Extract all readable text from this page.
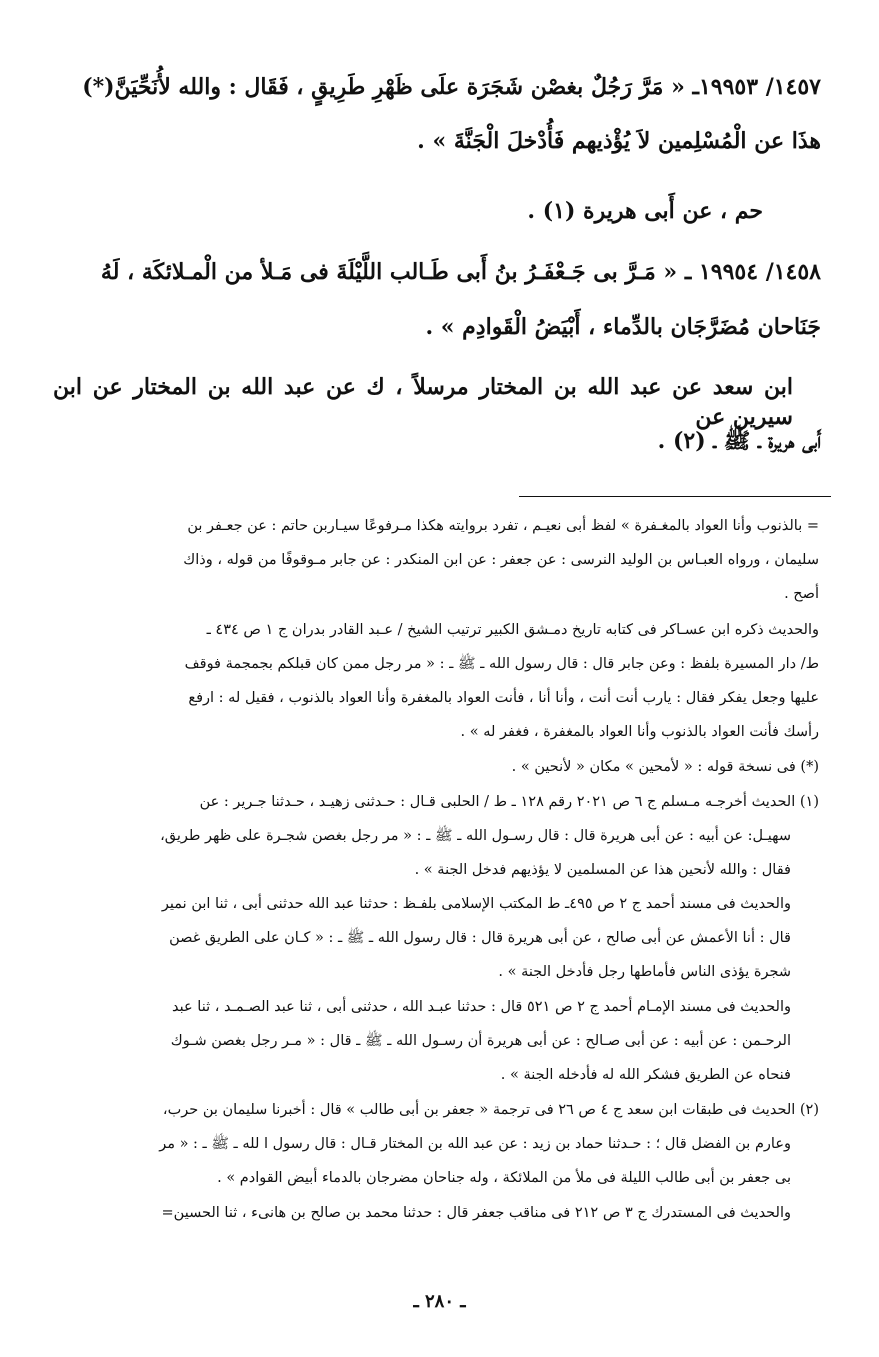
١٤٥٧/ ١٩٩٥٣ـ « مَرَّ رَجُلٌ بغصْن شَجَرَة علَى ظَهْرِ طَرِيقٍ ، فَقَال : والله لأُنَحِّيَنَّ(*)
هذَا عن الْمُسْلِمين لاَ يُؤْذيهم فَأُدْخلَ الْجَنَّةَ » .
حم ، عن أَبى هريرة (١) .
١٤٥٨/ ١٩٩٥٤ ـ « مَـرَّ بى جَـعْفَـرُ بنُ أَبى طَـالب اللَّيْلَةَ فى مَـلأ من الْمـلائكَة ، لَهُ
جَنَاحان مُضَرَّجَان بالدِّماء ، أَبْيَضُ الْقَوادِم » .
ابن سعد عن عبد الله بن المختار مرسلاً ، ك عن عبد الله بن المختار عن ابن سيرين عن
أَبى هريرة ـ ﷺ ـ (٢) .
= بالذنوب وأنا العواد بالمغـفرة » لفظ أبى نعيـم ، تفرد بروايته هكذا مـرفوعًا سيـاربن حاتم : عن جعـفر بن
سليمان ، ورواه العبـاس بن الوليد النرسى : عن جعفر : عن ابن المنكدر : عن جابر مـوقوفًا من قوله ، وذاك
أصح .
والحديث ذكره ابن عسـاكر فى كتابه تاريخ دمـشق الكبير ترتيب الشيخ / عـبد القادر بدران ج ١ ص ٤٣٤ ـ
ط/ دار المسيرة بلفظ : وعن جابر قال : قال رسول الله ـ ﷺ ـ : « مر رجل ممن كان قبلكم بجمجمة فوقف
عليها وجعل يفكر فقال : يارب أنت أنت ، وأنا أنا ، فأنت العواد بالمغفرة وأنا العواد بالذنوب ، فقيل له : ارفع
رأسك فأنت العواد بالذنوب وأنا العواد بالمغفرة ، فغفر له » .
(*) فى نسخة قوله : « لأمحين » مكان « لأنحين » .
(١) الحديث أخرجـه مـسلم ج ٦ ص ٢٠٢١ رقم ١٢٨ ـ ط / الحلبى قـال : حـدثنى زهيـد ، حـدثنا جـرير : عن
سهيـل: عن أبيه : عن أبى هريرة قال : قال رسـول الله ـ ﷺ ـ : « مر رجل بغصن شجـرة على ظهر طريق،
فقال : والله لأنحين هذا عن المسلمين لا يؤذيهم فدخل الجنة » .
والحديث فى مسند أحمد ج ٢ ص ٤٩٥ـ ط المكتب الإسلامى بلفـظ : حدثنا عبد الله حدثنى أبى ، ثنا ابن نمير
قال : أنا الأعمش عن أبى صالح ، عن أبى هريرة قال : قال رسول الله ـ ﷺ ـ : « كـان على الطريق غصن
شجرة يؤذى الناس فأماطها رجل فأدخل الجنة » .
والحديث فى مسند الإمـام أحمد ج ٢ ص ٥٢١ قال : حدثنا عبـد الله ، حدثنى أبى ، ثنا عبد الصـمـد ، ثنا عبد
الرحـمن : عن أبيه : عن أبى صـالح : عن أبى هريرة أن رسـول الله ـ ﷺ ـ قال : « مـر رجل بغصن شـوك
فنحاه عن الطريق فشكر الله له فأدخله الجنة » .
(٢) الحديث فى طبقات ابن سعد ج ٤ ص ٢٦ فى ترجمة « جعفر بن أبى طالب » قال : أخبرنا سليمان بن حرب،
وعارم بن الفضل قال ؛ : حـدثنا حماد بن زيد : عن عبد الله بن المختار قـال : قال رسول ا لله ـ ﷺ ـ : « مر
بى جعفر بن أبى طالب الليلة فى ملأ من الملائكة ، وله جناحان مضرجان بالدماء أبيض القوادم » .
والحديث فى المستدرك ج ٣ ص ٢١٢ فى مناقب جعفر قال : حدثنا محمد بن صالح بن هانىء ، ثنا الحسين=
ـ ٢٨٠ ـ
